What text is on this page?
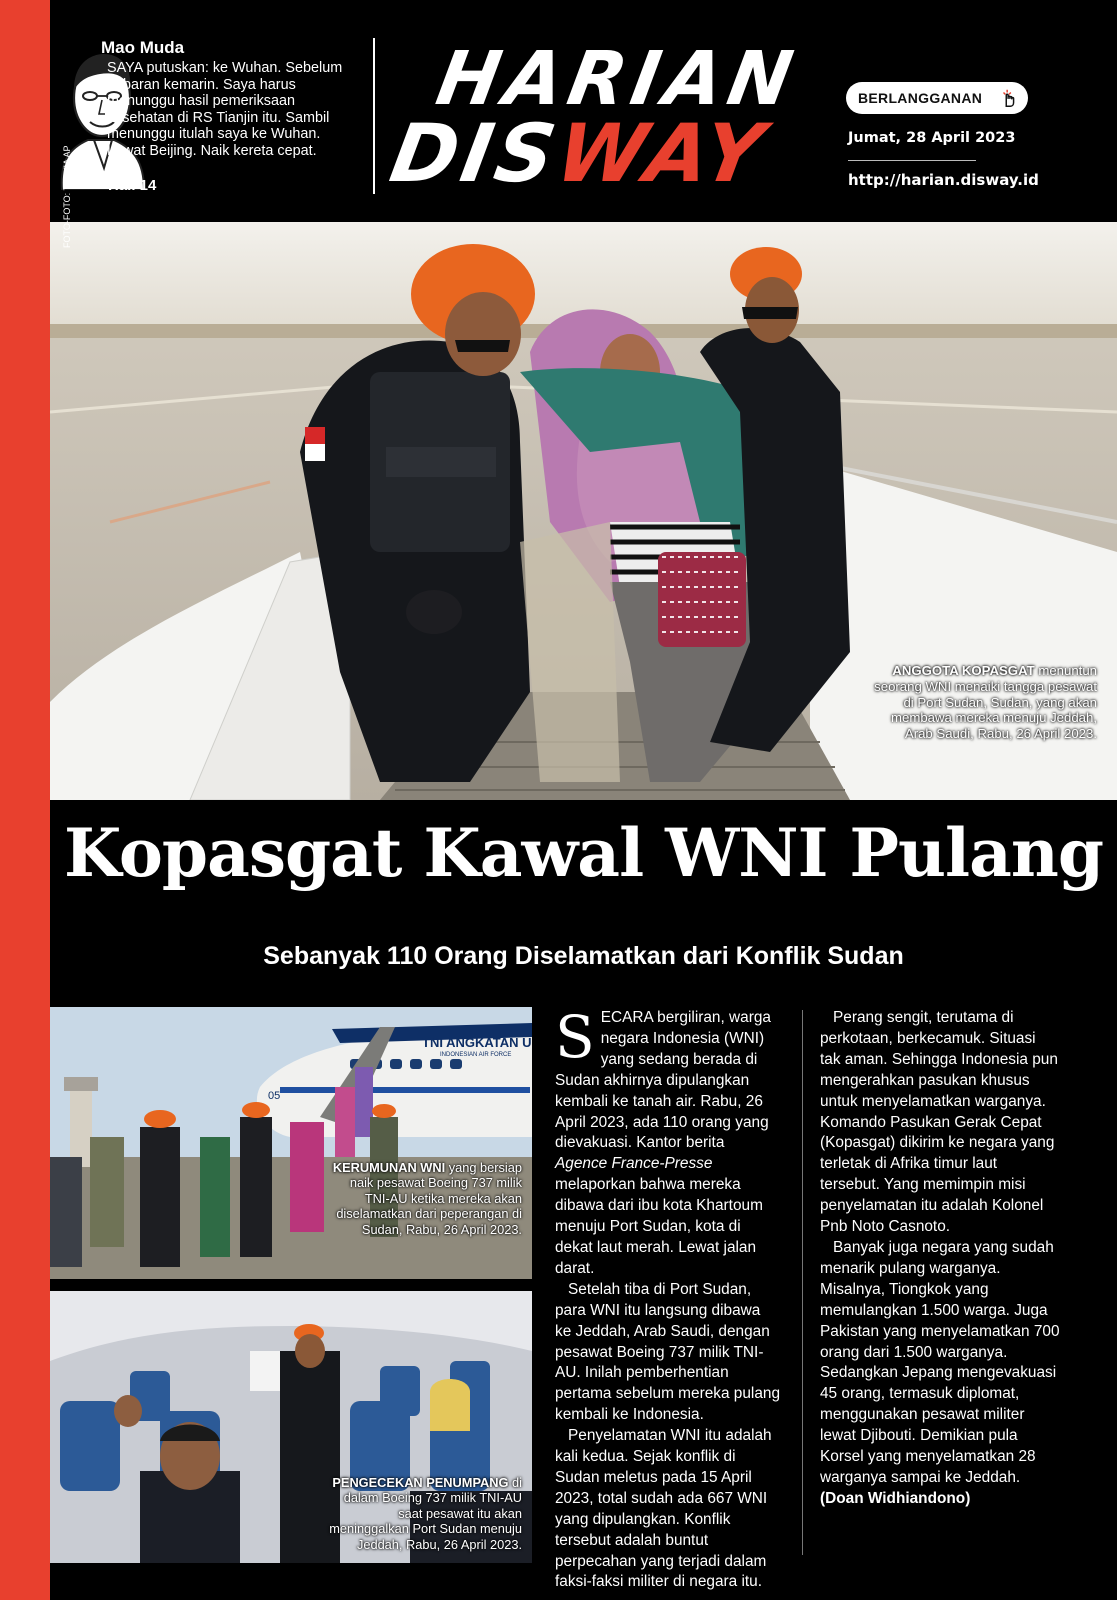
Mao Muda
SAYA putuskan: ke Wuhan. Sebelum Lebaran kemarin. Saya harus menunggu hasil pemeriksaan kesehatan di RS Tianjin itu. Sambil menunggu itulah saya ke Wuhan. Lewat Beijing. Naik kereta cepat.
Hal. 14
HARIAN
DISWAY
BERLANGGANAN
Jumat, 28 April 2023
http://harian.disway.id
FOTO-FOTO: TNI VIA AP
ANGGOTA KOPASGAT menuntun seorang WNI menaiki tangga pesawat di Port Sudan, Sudan, yang akan membawa mereka menuju Jeddah, Arab Saudi, Rabu, 26 April 2023.
Kopasgat Kawal WNI Pulang
Sebanyak 110 Orang Diselamatkan dari Konflik Sudan
TNI ANGKATAN U
INDONESIAN AIR FORCE
05
KERUMUNAN WNI yang bersiap naik pesawat Boeing 737 milik TNI-AU ketika mereka akan diselamatkan dari peperangan di Sudan, Rabu, 26 April 2023.
PENGECEKAN PENUMPANG di dalam Boeing 737 milik TNI-AU saat pesawat itu akan meninggalkan Port Sudan menuju Jeddah, Rabu, 26 April 2023.

SECARA bergiliran, warga negara Indonesia (WNI) yang sedang berada di Sudan akhirnya dipulangkan kembali ke tanah air. Rabu, 26 April 2023, ada 110 orang yang dievakuasi. Kantor berita Agence France-Presse melaporkan bahwa mereka dibawa dari ibu kota Khartoum menuju Port Sudan, kota di dekat laut merah. Lewat jalan darat.

Setelah tiba di Port Sudan, para WNI itu langsung dibawa ke Jeddah, Arab Saudi, dengan pesawat Boeing 737 milik TNI-AU. Inilah pemberhentian pertama sebelum mereka pulang kembali ke Indonesia.

Penyelamatan WNI itu adalah kali kedua. Sejak konflik di Sudan meletus pada 15 April 2023, total sudah ada 667 WNI yang dipulangkan. Konflik tersebut adalah buntut perpecahan yang terjadi dalam faksi-faksi militer di negara itu.

Perang sengit, terutama di perkotaan, berkecamuk. Situasi tak aman. Sehingga Indonesia pun mengerahkan pasukan khusus untuk menyelamatkan warganya. Komando Pasukan Gerak Cepat (Kopasgat) dikirim ke negara yang terletak di Afrika timur laut tersebut. Yang memimpin misi penyelamatan itu adalah Kolonel Pnb Noto Casnoto.

Banyak juga negara yang sudah menarik pulang warganya. Misalnya, Tiongkok yang memulangkan 1.500 warga. Juga Pakistan yang menyelamatkan 700 orang dari 1.500 warganya. Sedangkan Jepang mengevakuasi 45 orang, termasuk diplomat, menggunakan pesawat militer lewat Djibouti. Demikian pula Korsel yang menyelamatkan 28 warganya sampai ke Jeddah. (Doan Widhiandono)
